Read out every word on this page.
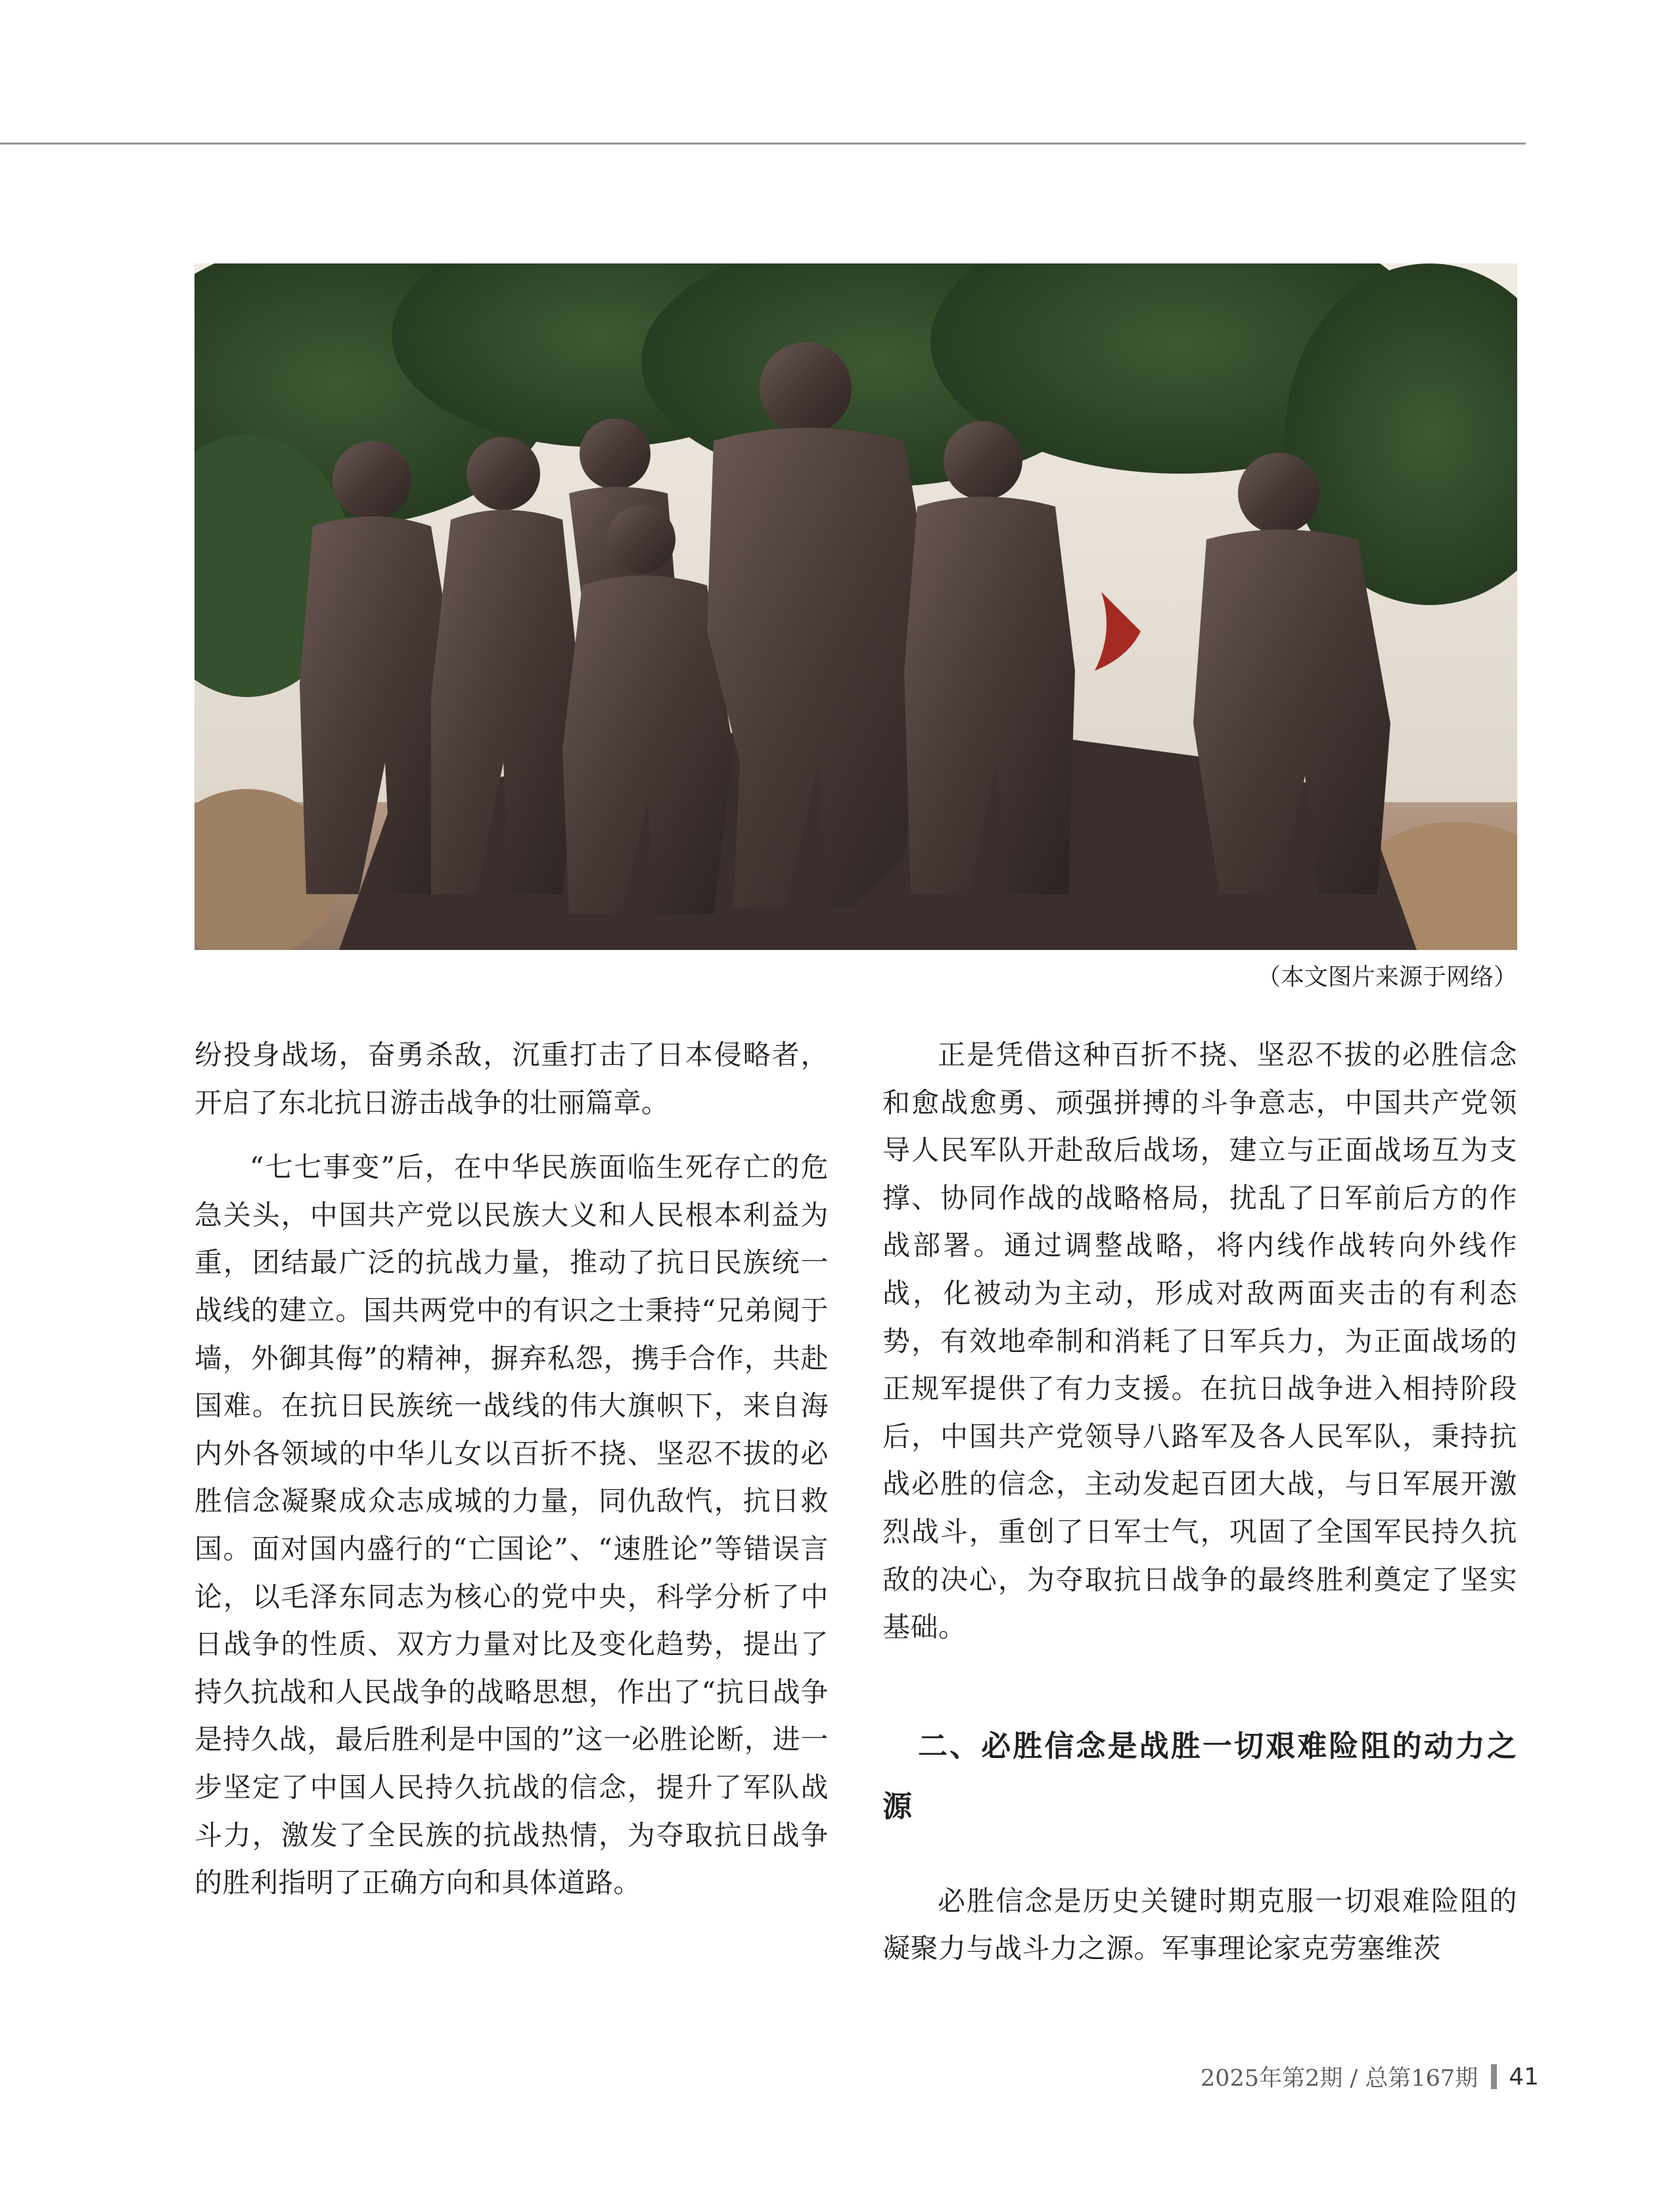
（本文图片来源于网络）

纷投身战场，奋勇杀敌，沉重打击了日本侵略者，开启了东北抗日游击战争的壮丽篇章。

“七七事变”后，在中华民族面临生死存亡的危急关头，中国共产党以民族大义和人民根本利益为重，团结最广泛的抗战力量，推动了抗日民族统一战线的建立。国共两党中的有识之士秉持“兄弟阋于墙，外御其侮”的精神，摒弃私怨，携手合作，共赴国难。在抗日民族统一战线的伟大旗帜下，来自海内外各领域的中华儿女以百折不挠、坚忍不拔的必胜信念凝聚成众志成城的力量，同仇敌忾，抗日救国。面对国内盛行的“亡国论”、“速胜论”等错误言论，以毛泽东同志为核心的党中央，科学分析了中日战争的性质、双方力量对比及变化趋势，提出了持久抗战和人民战争的战略思想，作出了“抗日战争是持久战，最后胜利是中国的”这一必胜论断，进一步坚定了中国人民持久抗战的信念，提升了军队战斗力，激发了全民族的抗战热情，为夺取抗日战争的胜利指明了正确方向和具体道路。

正是凭借这种百折不挠、坚忍不拔的必胜信念和愈战愈勇、顽强拼搏的斗争意志，中国共产党领导人民军队开赴敌后战场，建立与正面战场互为支撑、协同作战的战略格局，扰乱了日军前后方的作战部署。通过调整战略，将内线作战转向外线作战，化被动为主动，形成对敌两面夹击的有利态势，有效地牵制和消耗了日军兵力，为正面战场的正规军提供了有力支援。在抗日战争进入相持阶段后，中国共产党领导八路军及各人民军队，秉持抗战必胜的信念，主动发起百团大战，与日军展开激烈战斗，重创了日军士气，巩固了全国军民持久抗敌的决心，为夺取抗日战争的最终胜利奠定了坚实基础。

二、必胜信念是战胜一切艰难险阻的动力之源

必胜信念是历史关键时期克服一切艰难险阻的凝聚力与战斗力之源。军事理论家克劳塞维茨

2025年第2期 / 总第167期 41
